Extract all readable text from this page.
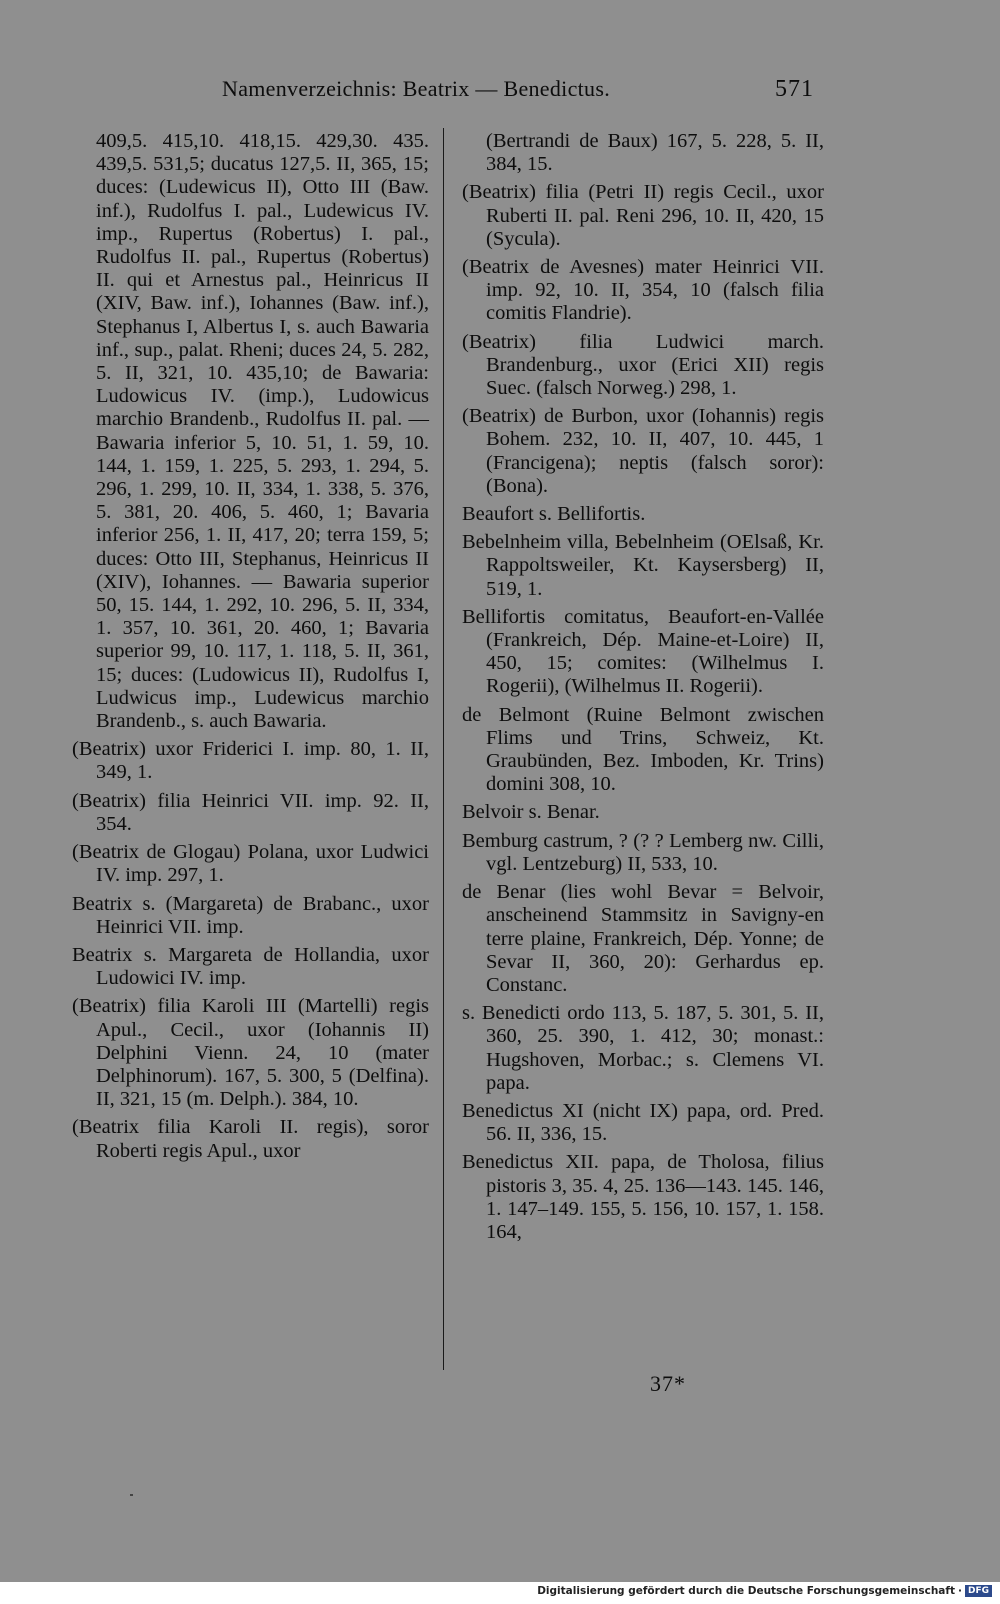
Namenverzeichnis: Beatrix — Benedictus.	571

409,5. 415,10. 418,15. 429,30. 435. 439,5. 531,5; ducatus 127,5. II, 365, 15; duces: (Ludewicus II), Otto III (Baw. inf.), Rudolfus I. pal., Ludewicus IV. imp., Rupertus (Robertus) I. pal., Rudolfus II. pal., Rupertus (Robertus) II. qui et Arnestus pal., Heinricus II (XIV, Baw. inf.), Iohannes (Baw. inf.), Stephanus I, Albertus I, s. auch Bawaria inf., sup., palat. Rheni; duces 24, 5. 282, 5. II, 321, 10. 435,10; de Bawaria: Ludowicus IV. (imp.), Ludowicus marchio Brandenb., Rudolfus II. pal. — Bawaria inferior 5, 10. 51, 1. 59, 10. 144, 1. 159, 1. 225, 5. 293, 1. 294, 5. 296, 1. 299, 10. II, 334, 1. 338, 5. 376, 5. 381, 20. 406, 5. 460, 1; Bavaria inferior 256, 1. II, 417, 20; terra 159, 5; duces: Otto III, Stephanus, Heinricus II (XIV), Iohannes. — Bawaria superior 50, 15. 144, 1. 292, 10. 296, 5. II, 334, 1. 357, 10. 361, 20. 460, 1; Bavaria superior 99, 10. 117, 1. 118, 5. II, 361, 15; duces: (Ludowicus II), Rudolfus I, Ludwicus imp., Ludewicus marchio Brandenb., s. auch Bawaria.

(Beatrix) uxor Friderici I. imp. 80, 1. II, 349, 1.

(Beatrix) filia Heinrici VII. imp. 92. II, 354.

(Beatrix de Glogau) Polana, uxor Ludwici IV. imp. 297, 1.

Beatrix s. (Margareta) de Brabanc., uxor Heinrici VII. imp.

Beatrix s. Margareta de Hollandia, uxor Ludowici IV. imp.

(Beatrix) filia Karoli III (Martelli) regis Apul., Cecil., uxor (Iohannis II) Delphini Vienn. 24, 10 (mater Delphinorum). 167, 5. 300, 5 (Delfina). II, 321, 15 (m. Delph.). 384, 10.

(Beatrix filia Karoli II. regis), soror Roberti regis Apul., uxor

(Bertrandi de Baux) 167, 5. 228, 5. II, 384, 15.

(Beatrix) filia (Petri II) regis Cecil., uxor Ruberti II. pal. Reni 296, 10. II, 420, 15 (Sycula).

(Beatrix de Avesnes) mater Heinrici VII. imp. 92, 10. II, 354, 10 (falsch filia comitis Flandrie).

(Beatrix) filia Ludwici march. Brandenburg., uxor (Erici XII) regis Suec. (falsch Norweg.) 298, 1.

(Beatrix) de Burbon, uxor (Iohannis) regis Bohem. 232, 10. II, 407, 10. 445, 1 (Francigena); neptis (falsch soror): (Bona).

Beaufort s. Bellifortis.

Bebelnheim villa, Bebelnheim (OElsaß, Kr. Rappoltsweiler, Kt. Kaysersberg) II, 519, 1.

Bellifortis comitatus, Beaufort-en-Vallée (Frankreich, Dép. Maine-et-Loire) II, 450, 15; comites: (Wilhelmus I. Rogerii), (Wilhelmus II. Rogerii).

de Belmont (Ruine Belmont zwischen Flims und Trins, Schweiz, Kt. Graubünden, Bez. Imboden, Kr. Trins) domini 308, 10.

Belvoir s. Benar.

Bemburg castrum, ? (? ? Lemberg nw. Cilli, vgl. Lentzeburg) II, 533, 10.

de Benar (lies wohl Bevar = Belvoir, anscheinend Stammsitz in Savigny-en terre plaine, Frankreich, Dép. Yonne; de Sevar II, 360, 20): Gerhardus ep. Constanc.

s. Benedicti ordo 113, 5. 187, 5. 301, 5. II, 360, 25. 390, 1. 412, 30; monast.: Hugshoven, Morbac.; s. Clemens VI. papa.

Benedictus XI (nicht IX) papa, ord. Pred. 56. II, 336, 15.

Benedictus XII. papa, de Tholosa, filius pistoris 3, 35. 4, 25. 136—143. 145. 146, 1. 147–149. 155, 5. 156, 10. 157, 1. 158. 164,

37*
Digitalisierung gefördert durch die Deutsche Forschungsgemeinschaft · DFG
